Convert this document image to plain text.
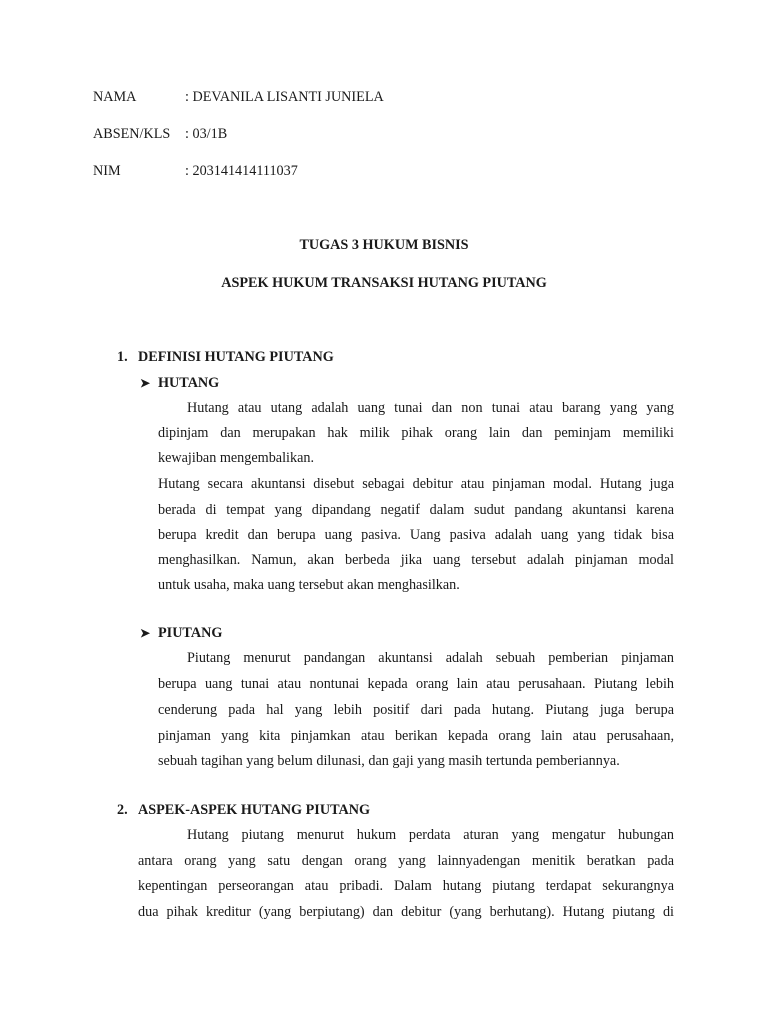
NAMA	: DEVANILA LISANTI JUNIELA
ABSEN/KLS : 03/1B
NIM	: 203141414111037
TUGAS 3 HUKUM BISNIS
ASPEK HUKUM TRANSAKSI HUTANG PIUTANG
1. DEFINISI HUTANG PIUTANG
➤ HUTANG
Hutang atau utang adalah uang tunai dan non tunai atau barang yang yang
dipinjam dan merupakan hak milik pihak orang lain dan peminjam memiliki
kewajiban mengembalikan.
Hutang secara akuntansi disebut sebagai debitur atau pinjaman modal. Hutang juga
berada di tempat yang dipandang negatif dalam sudut pandang akuntansi karena
berupa kredit dan berupa uang pasiva. Uang pasiva adalah uang yang tidak bisa
menghasilkan. Namun, akan berbeda jika uang tersebut adalah pinjaman modal
untuk usaha, maka uang tersebut akan menghasilkan.
➤ PIUTANG
Piutang menurut pandangan akuntansi adalah sebuah pemberian pinjaman
berupa uang tunai atau nontunai kepada orang lain atau perusahaan. Piutang lebih
cenderung pada hal yang lebih positif dari pada hutang. Piutang juga berupa
pinjaman yang kita pinjamkan atau berikan kepada orang lain atau perusahaan,
sebuah tagihan yang belum dilunasi, dan gaji yang masih tertunda pemberiannya.
2. ASPEK-ASPEK HUTANG PIUTANG
Hutang piutang menurut hukum perdata aturan yang mengatur hubungan
antara orang yang satu dengan orang yang lainnyadengan menitik beratkan pada
kepentingan perseorangan atau pribadi. Dalam hutang piutang terdapat sekurangnya
dua pihak kreditur (yang berpiutang) dan debitur (yang berhutang). Hutang piutang di
